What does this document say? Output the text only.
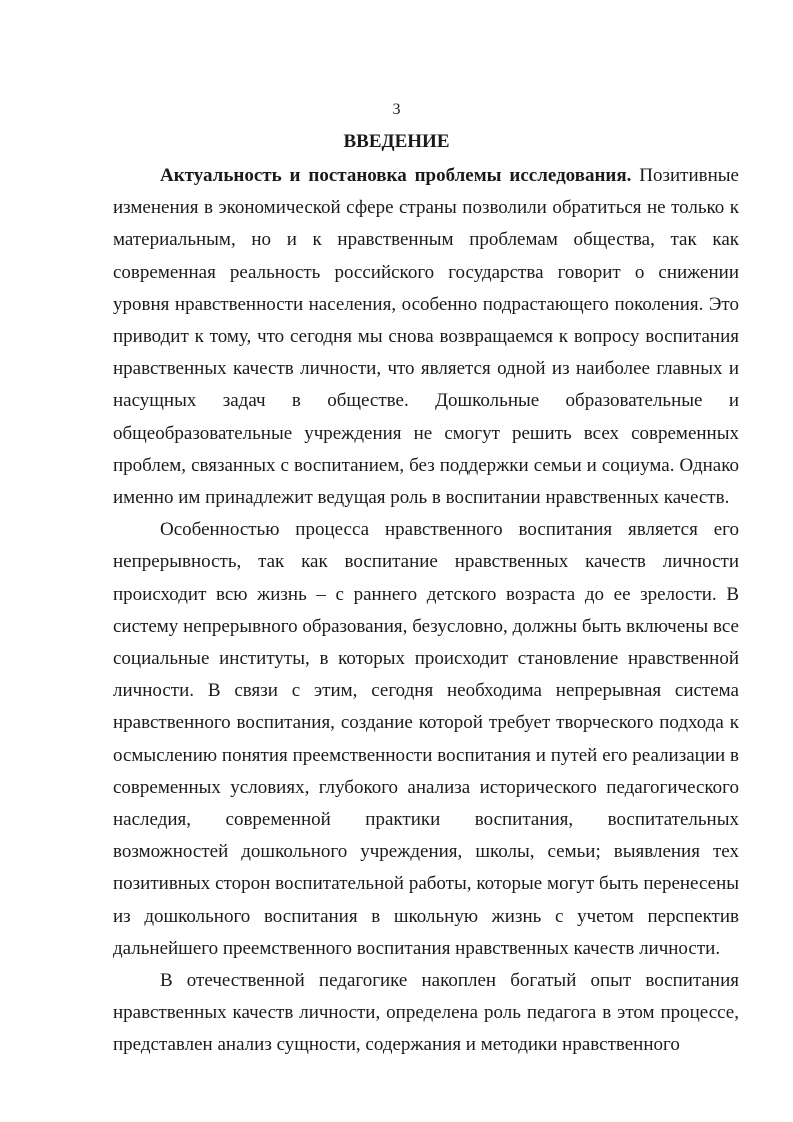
3
ВВЕДЕНИЕ

Актуальность и постановка проблемы исследования. Позитивные изменения в экономической сфере страны позволили обратиться не только к материальным, но и к нравственным проблемам общества, так как современная реальность российского государства говорит о снижении уровня нравственности населения, особенно подрастающего поколения. Это приводит к тому, что сегодня мы снова возвращаемся к вопросу воспитания нравственных качеств личности, что является одной из наиболее главных и насущных задач в обществе. Дошкольные образовательные и общеобразовательные учреждения не смогут решить всех современных проблем, связанных с воспитанием, без поддержки семьи и социума. Однако именно им принадлежит ведущая роль в воспитании нравственных качеств.

Особенностью процесса нравственного воспитания является его непрерывность, так как воспитание нравственных качеств личности происходит всю жизнь – с раннего детского возраста до ее зрелости. В систему непрерывного образования, безусловно, должны быть включены все социальные институты, в которых происходит становление нравственной личности. В связи с этим, сегодня необходима непрерывная система нравственного воспитания, создание которой требует творческого подхода к осмыслению понятия преемственности воспитания и путей его реализации в современных условиях, глубокого анализа исторического педагогического наследия, современной практики воспитания, воспитательных возможностей дошкольного учреждения, школы, семьи; выявления тех позитивных сторон воспитательной работы, которые могут быть перенесены из дошкольного воспитания в школьную жизнь с учетом перспектив дальнейшего преемственного воспитания нравственных качеств личности.

В отечественной педагогике накоплен богатый опыт воспитания нравственных качеств личности, определена роль педагога в этом процессе, представлен анализ сущности, содержания и методики нравственного
